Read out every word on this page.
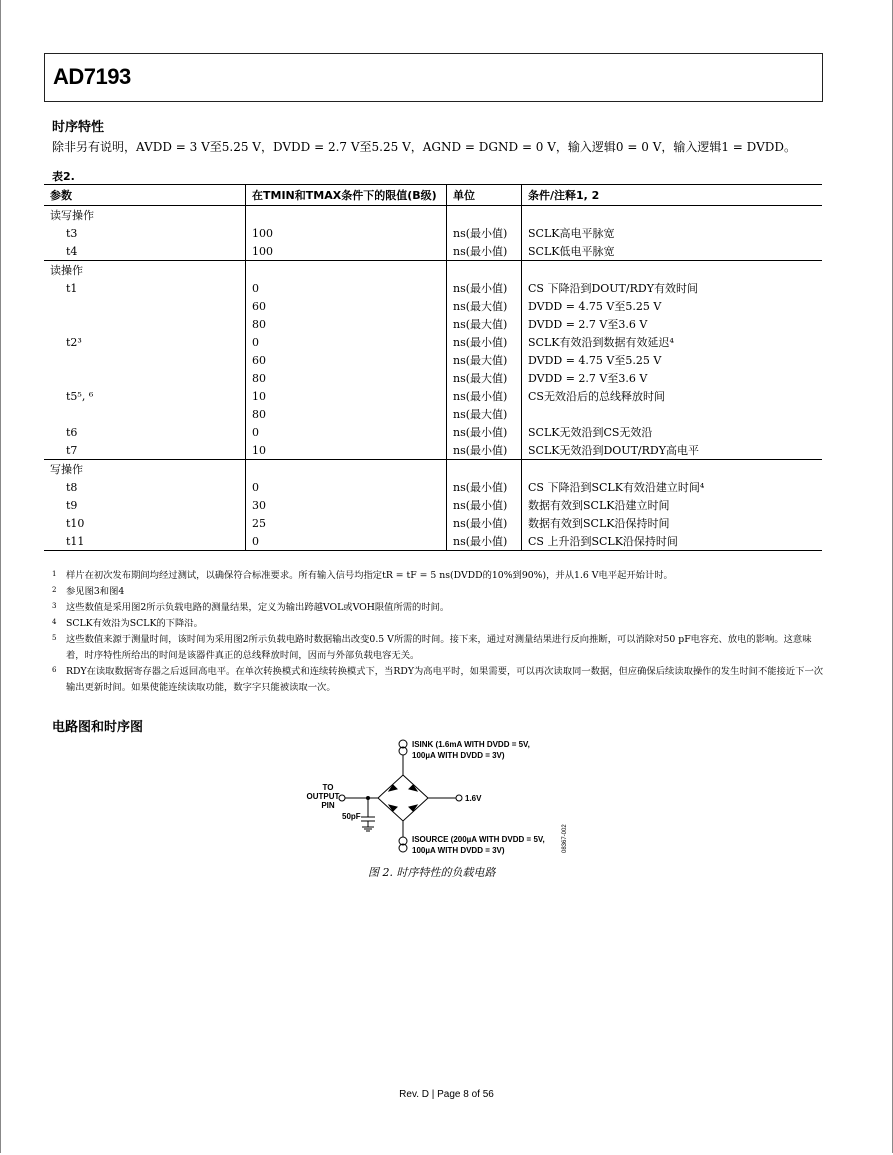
AD7193
时序特性
除非另有说明，AVDD = 3 V至5.25 V，DVDD = 2.7 V至5.25 V，AGND = DGND = 0 V，输入逻辑0 = 0 V，输入逻辑1 = DVDD。
表2.
参数	在TMIN和TMAX条件下的限值(B级)	单位	条件/注释1, 2
读写操作			
t3	100	ns(最小值)	SCLK高电平脉宽
t4	100	ns(最小值)	SCLK低电平脉宽
读操作			
t1	0	ns(最小值)	CS 下降沿到DOUT/RDY有效时间
	60	ns(最大值)	DVDD = 4.75 V至5.25 V
	80	ns(最大值)	DVDD = 2.7 V至3.6 V
t2³	0	ns(最小值)	SCLK有效沿到数据有效延迟⁴
	60	ns(最大值)	DVDD = 4.75 V至5.25 V
	80	ns(最大值)	DVDD = 2.7 V至3.6 V
t5⁵, ⁶	10	ns(最小值)	CS无效沿后的总线释放时间
	80	ns(最大值)	
t6	0	ns(最小值)	SCLK无效沿到CS无效沿
t7	10	ns(最小值)	SCLK无效沿到DOUT/RDY高电平
写操作			
t8	0	ns(最小值)	CS 下降沿到SCLK有效沿建立时间⁴
t9	30	ns(最小值)	数据有效到SCLK沿建立时间
t10	25	ns(最小值)	数据有效到SCLK沿保持时间
t11	0	ns(最小值)	CS 上升沿到SCLK沿保持时间
1 样片在初次发布期间均经过测试，以确保符合标准要求。所有输入信号均指定tR = tF = 5 ns(DVDD的10%到90%)，并从1.6 V电平起开始计时。
2 参见图3和图4
3 这些数值是采用图2所示负载电路的测量结果，定义为输出跨越VOL或VOH限值所需的时间。
4 SCLK有效沿为SCLK的下降沿。
5 这些数值来源于测量时间，该时间为采用图2所示负载电路时数据输出改变0.5 V所需的时间。接下来，通过对测量结果进行反向推断，可以消除对50 pF电容充、放电的影响。这意味着，时序特性所给出的时间是该器件真正的总线释放时间，因而与外部负载电容无关。
6 RDY在读取数据寄存器之后返回高电平。在单次转换模式和连续转换模式下，当RDY为高电平时，如果需要，可以再次读取同一数据，但应确保后续读取操作的发生时间不能接近下一次输出更新时间。如果使能连续读取功能，数字字只能被读取一次。
电路图和时序图
ISINK (1.6mA WITH DVDD = 5V,
100µA WITH DVDD = 3V)
50pF
TO
OUTPUT
PIN
1.6V
ISOURCE (200µA WITH DVDD = 5V,
100µA WITH DVDD = 3V)	08367-002
图 2. 时序特性的负载电路
Rev. D | Page 8 of 56
